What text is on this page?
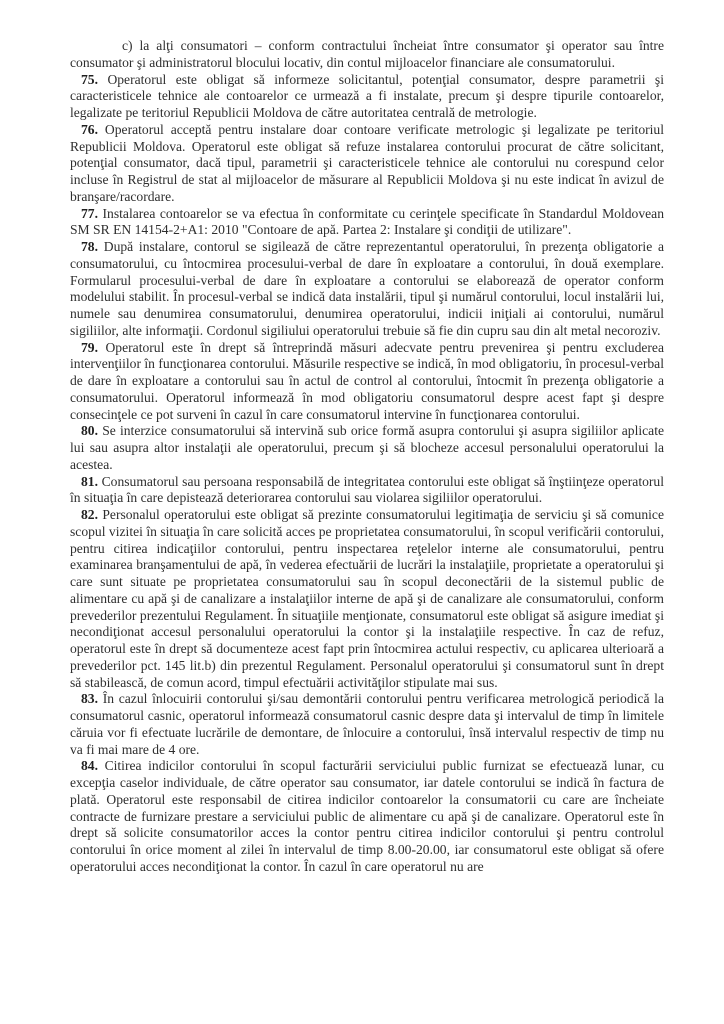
c) la alţi consumatori – conform contractului încheiat între consumator şi operator sau între consumator şi administratorul blocului locativ, din contul mijloacelor financiare ale consumatorului.

75. Operatorul este obligat să informeze solicitantul, potenţial consumator, despre parametrii şi caracteristicele tehnice ale contoarelor ce urmează a fi instalate, precum şi despre tipurile contoarelor, legalizate pe teritoriul Republicii Moldova de către autoritatea centrală de metrologie.

76. Operatorul acceptă pentru instalare doar contoare verificate metrologic şi legalizate pe teritoriul Republicii Moldova. Operatorul este obligat să refuze instalarea contorului procurat de către solicitant, potenţial consumator, dacă tipul, parametrii şi caracteristicele tehnice ale contorului nu corespund celor incluse în Registrul de stat al mijloacelor de măsurare al Republicii Moldova şi nu este indicat în avizul de branşare/racordare.

77. Instalarea contoarelor se va efectua în conformitate cu cerinţele specificate în Standardul Moldovean SM SR EN 14154-2+A1: 2010 "Contoare de apă. Partea 2: Instalare şi condiţii de utilizare".

78. După instalare, contorul se sigilează de către reprezentantul operatorului, în prezenţa obligatorie a consumatorului, cu întocmirea procesului-verbal de dare în exploatare a contorului, în două exemplare. Formularul procesului-verbal de dare în exploatare a contorului se elaborează de operator conform modelului stabilit. În procesul-verbal se indică data instalării, tipul şi numărul contorului, locul instalării lui, numele sau denumirea consumatorului, denumirea operatorului, indicii iniţiali ai contorului, numărul sigiliilor, alte informaţii. Cordonul sigiliului operatorului trebuie să fie din cupru sau din alt metal necoroziv.

79. Operatorul este în drept să întreprindă măsuri adecvate pentru prevenirea şi pentru excluderea intervenţiilor în funcţionarea contorului. Măsurile respective se indică, în mod obligatoriu, în procesul-verbal de dare în exploatare a contorului sau în actul de control al contorului, întocmit în prezenţa obligatorie a consumatorului. Operatorul informează în mod obligatoriu consumatorul despre acest fapt şi despre consecinţele ce pot surveni în cazul în care consumatorul intervine în funcţionarea contorului.

80. Se interzice consumatorului să intervină sub orice formă asupra contorului şi asupra sigiliilor aplicate lui sau asupra altor instalaţii ale operatorului, precum şi să blocheze accesul personalului operatorului la acestea.

81. Consumatorul sau persoana responsabilă de integritatea contorului este obligat să înştiinţeze operatorul în situaţia în care depistează deteriorarea contorului sau violarea sigiliilor operatorului.

82. Personalul operatorului este obligat să prezinte consumatorului legitimaţia de serviciu şi să comunice scopul vizitei în situaţia în care solicită acces pe proprietatea consumatorului, în scopul verificării contorului, pentru citirea indicaţiilor contorului, pentru inspectarea reţelelor interne ale consumatorului, pentru examinarea branşamentului de apă, în vederea efectuării de lucrări la instalaţiile, proprietate a operatorului şi care sunt situate pe proprietatea consumatorului sau în scopul deconectării de la sistemul public de alimentare cu apă şi de canalizare a instalaţiilor interne de apă şi de canalizare ale consumatorului, conform prevederilor prezentului Regulament. În situaţiile menţionate, consumatorul este obligat să asigure imediat şi necondiţionat accesul personalului operatorului la contor şi la instalaţiile respective. În caz de refuz, operatorul este în drept să documenteze acest fapt prin întocmirea actului respectiv, cu aplicarea ulterioară a prevederilor pct. 145 lit.b) din prezentul Regulament. Personalul operatorului şi consumatorul sunt în drept să stabilească, de comun acord, timpul efectuării activităţilor stipulate mai sus.

83. În cazul înlocuirii contorului şi/sau demontării contorului pentru verificarea metrologică periodică la consumatorul casnic, operatorul informează consumatorul casnic despre data şi intervalul de timp în limitele căruia vor fi efectuate lucrările de demontare, de înlocuire a contorului, însă intervalul respectiv de timp nu va fi mai mare de 4 ore.

84. Citirea indicilor contorului în scopul facturării serviciului public furnizat se efectuează lunar, cu excepţia caselor individuale, de către operator sau consumator, iar datele contorului se indică în factura de plată. Operatorul este responsabil de citirea indicilor contoarelor la consumatorii cu care are încheiate contracte de furnizare prestare a serviciului public de alimentare cu apă şi de canalizare. Operatorul este în drept să solicite consumatorilor acces la contor pentru citirea indicilor contorului şi pentru controlul contorului în orice moment al zilei în intervalul de timp 8.00-20.00, iar consumatorul este obligat să ofere operatorului acces necondiţionat la contor. În cazul în care operatorul nu are
